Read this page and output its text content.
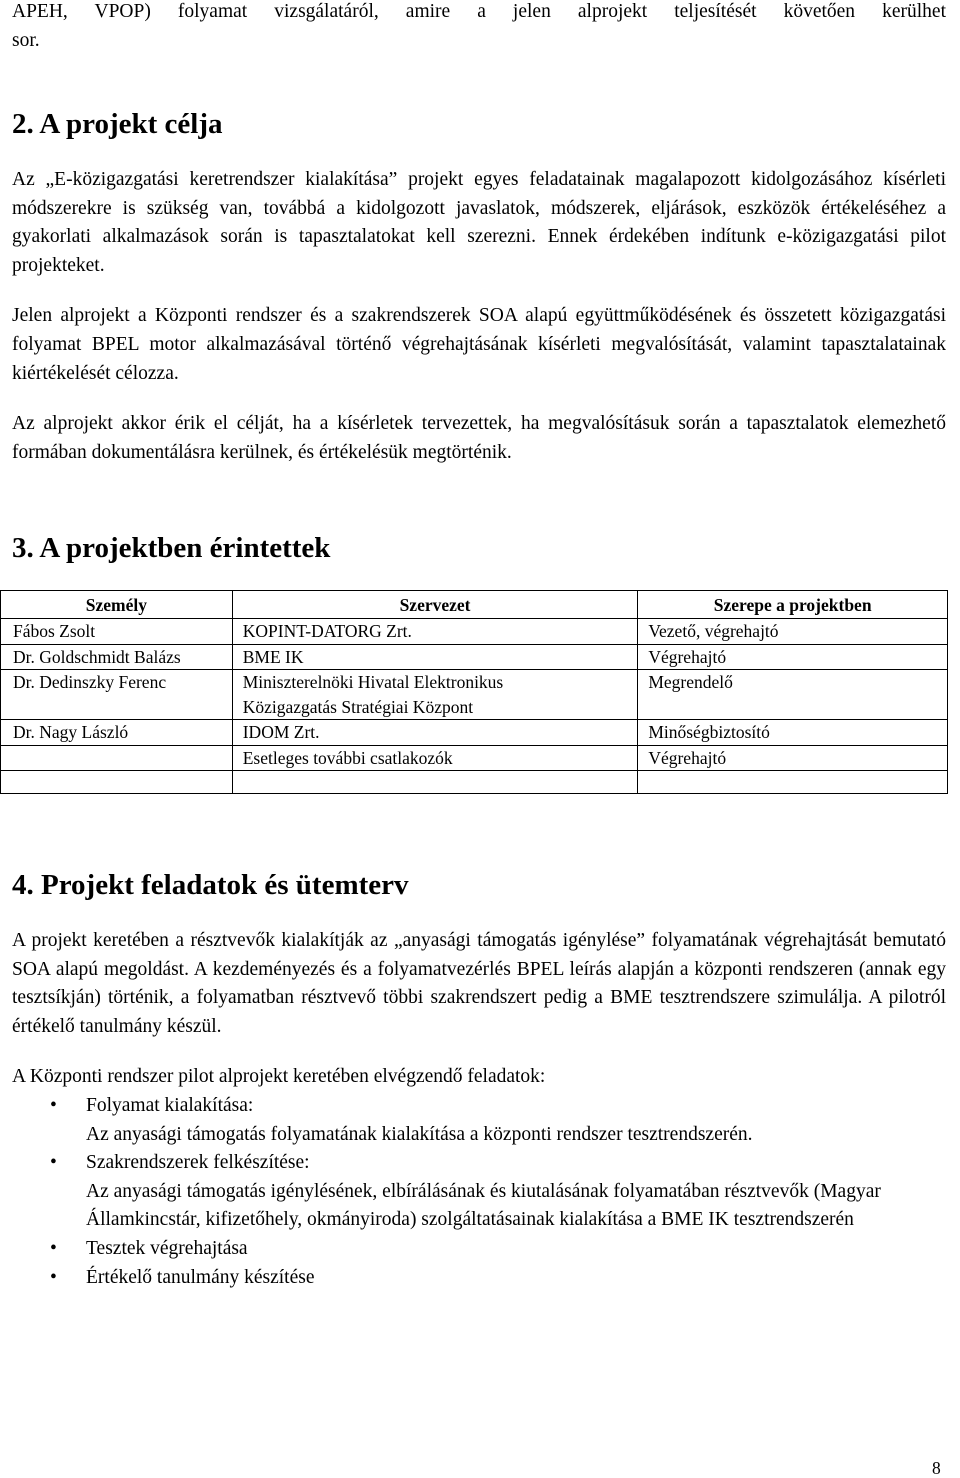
APEH, VPOP) folyamat vizsgálatáról, amire a jelen alprojekt teljesítését követően kerülhet

sor.

2. A projekt célja

Az „E-közigazgatási keretrendszer kialakítása” projekt egyes feladatainak magalapozott kidolgozásához kísérleti módszerekre is szükség van, továbbá a kidolgozott javaslatok, módszerek, eljárások, eszközök értékeléséhez a gyakorlati alkalmazások során is tapasztalatokat kell szerezni. Ennek érdekében indítunk e-közigazgatási pilot projekteket.

Jelen alprojekt a Központi rendszer és a szakrendszerek SOA alapú együttműködésének és összetett közigazgatási folyamat BPEL motor alkalmazásával történő végrehajtásának kísérleti megvalósítását, valamint tapasztalatainak kiértékelését célozza.

Az alprojekt akkor érik el célját, ha a kísérletek tervezettek, ha megvalósításuk során a tapasztalatok elemezhető formában dokumentálásra kerülnek, és értékelésük megtörténik.

3. A projektben érintettek
Személy	Szervezet	Szerepe a projektben
Fábos Zsolt	KOPINT-DATORG Zrt.	Vezető, végrehajtó
Dr. Goldschmidt Balázs	BME IK	Végrehajtó
Dr. Dedinszky Ferenc	Miniszterelnöki Hivatal Elektronikus Közigazgatás Stratégiai Központ	Megrendelő
Dr. Nagy László	IDOM Zrt.	Minőségbiztosító
	Esetleges további csatlakozók	Végrehajtó

4. Projekt feladatok és ütemterv

A projekt keretében a résztvevők kialakítják az „anyasági támogatás igénylése” folyamatának végrehajtását bemutató SOA alapú megoldást. A kezdeményezés és a folyamatvezérlés BPEL leírás alapján a központi rendszeren (annak egy tesztsíkján) történik, a folyamatban résztvevő többi szakrendszert pedig a BME tesztrendszere szimulálja. A pilotról értékelő tanulmány készül.

A Központi rendszer pilot alprojekt keretében elvégzendő feladatok:

• Folyamat kialakítása:
Az anyasági támogatás folyamatának kialakítása a központi rendszer tesztrendszerén.
• Szakrendszerek felkészítése:
Az anyasági támogatás igénylésének, elbírálásának és kiutalásának folyamatában résztvevők (Magyar Államkincstár, kifizetőhely, okmányiroda) szolgáltatásainak kialakítása a BME IK tesztrendszerén
• Tesztek végrehajtása
• Értékelő tanulmány készítése
8
